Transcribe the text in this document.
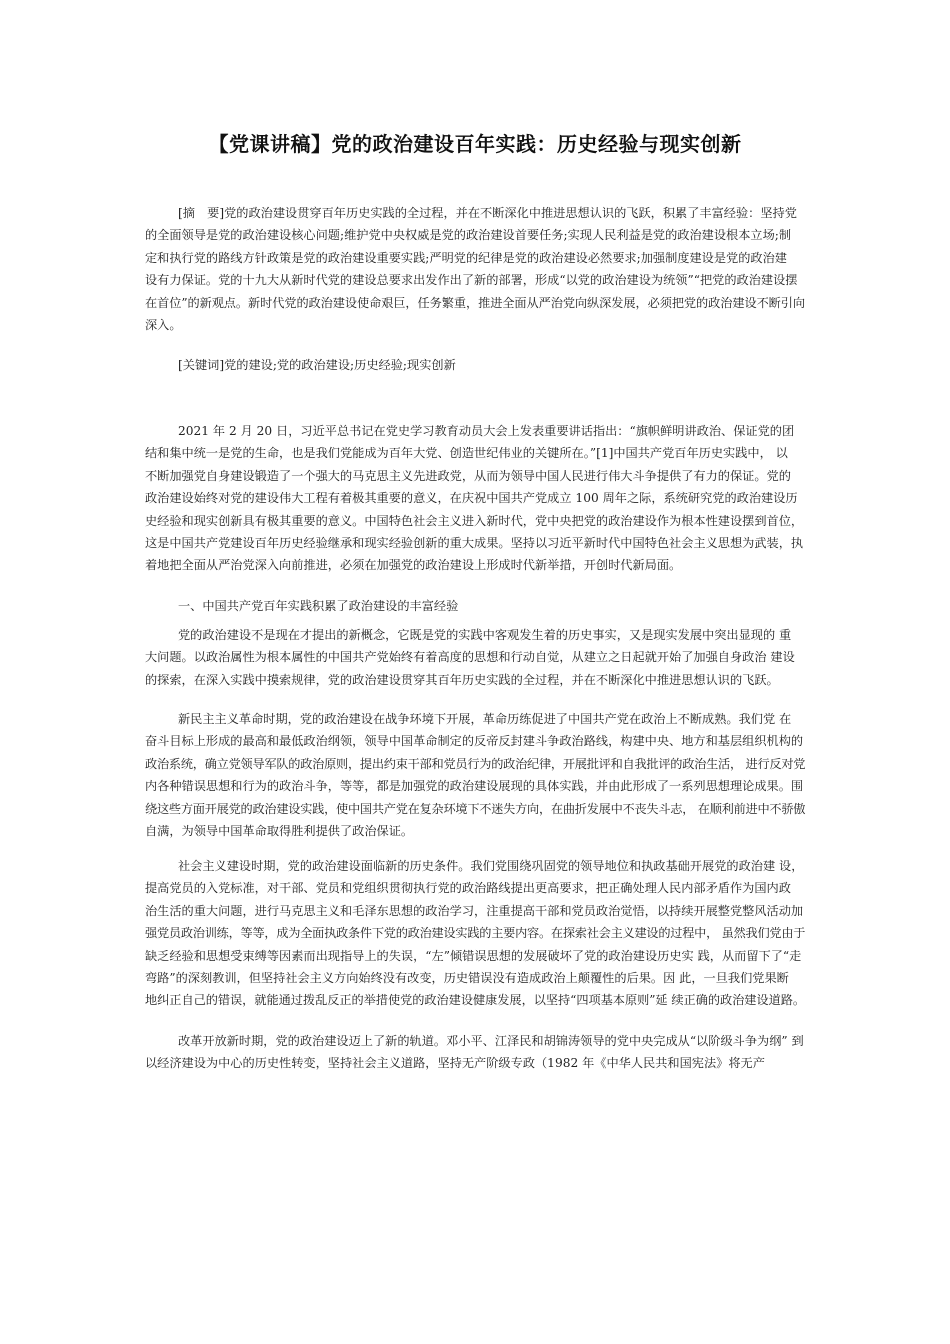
【党课讲稿】党的政治建设百年实践：历史经验与现实创新
[摘　要]党的政治建设贯穿百年历史实践的全过程，并在不断深化中推进思想认识的飞跃，积累了丰富经验：坚持党
的全面领导是党的政治建设核心问题;维护党中央权威是党的政治建设首要任务;实现人民利益是党的政治建设根本立场;制
定和执行党的路线方针政策是党的政治建设重要实践;严明党的纪律是党的政治建设必然要求;加强制度建设是党的政治建
设有力保证。党的十九大从新时代党的建设总要求出发作出了新的部署，形成“以党的政治建设为统领”“把党的政治建设摆
在首位”的新观点。新时代党的政治建设使命艰巨，任务繁重，推进全面从严治党向纵深发展，必须把党的政治建设不断引向
深入。
[关键词]党的建设;党的政治建设;历史经验;现实创新
2021 年 2 月 20 日，习近平总书记在党史学习教育动员大会上发表重要讲话指出：“旗帜鲜明讲政治、保证党的团
结和集中统一是党的生命，也是我们党能成为百年大党、创造世纪伟业的关键所在。”[1]中国共产党百年历史实践中， 以
不断加强党自身建设锻造了一个强大的马克思主义先进政党，从而为领导中国人民进行伟大斗争提供了有力的保证。党的
政治建设始终对党的建设伟大工程有着极其重要的意义，在庆祝中国共产党成立 100 周年之际，系统研究党的政治建设历
史经验和现实创新具有极其重要的意义。中国特色社会主义进入新时代，党中央把党的政治建设作为根本性建设摆到首位，
这是中国共产党建设百年历史经验继承和现实经验创新的重大成果。坚持以习近平新时代中国特色社会主义思想为武装，执
着地把全面从严治党深入向前推进，必须在加强党的政治建设上形成时代新举措，开创时代新局面。
一、中国共产党百年实践积累了政治建设的丰富经验
党的政治建设不是现在才提出的新概念，它既是党的实践中客观发生着的历史事实，又是现实发展中突出显现的 重
大问题。以政治属性为根本属性的中国共产党始终有着高度的思想和行动自觉，从建立之日起就开始了加强自身政治 建设
的探索，在深入实践中摸索规律，党的政治建设贯穿其百年历史实践的全过程，并在不断深化中推进思想认识的飞跃。
新民主主义革命时期，党的政治建设在战争环境下开展，革命历练促进了中国共产党在政治上不断成熟。我们党 在
奋斗目标上形成的最高和最低政治纲领，领导中国革命制定的反帝反封建斗争政治路线，构建中央、地方和基层组织机构的
政治系统，确立党领导军队的政治原则，提出约束干部和党员行为的政治纪律，开展批评和自我批评的政治生活， 进行反对党
内各种错误思想和行为的政治斗争，等等，都是加强党的政治建设展现的具体实践，并由此形成了一系列思想理论成果。围
绕这些方面开展党的政治建设实践，使中国共产党在复杂环境下不迷失方向，在曲折发展中不丧失斗志， 在顺利前进中不骄傲
自满，为领导中国革命取得胜利提供了政治保证。
社会主义建设时期，党的政治建设面临新的历史条件。我们党围绕巩固党的领导地位和执政基础开展党的政治建 设，
提高党员的入党标准，对干部、党员和党组织贯彻执行党的政治路线提出更高要求，把正确处理人民内部矛盾作为国内政
治生活的重大问题，进行马克思主义和毛泽东思想的政治学习，注重提高干部和党员政治觉悟，以持续开展整党整风活动加
强党员政治训练，等等，成为全面执政条件下党的政治建设实践的主要内容。在探索社会主义建设的过程中， 虽然我们党由于
缺乏经验和思想受束缚等因素而出现指导上的失误，“左”倾错误思想的发展破坏了党的政治建设历史实 践，从而留下了“走
弯路”的深刻教训，但坚持社会主义方向始终没有改变，历史错误没有造成政治上颠覆性的后果。因 此，一旦我们党果断
地纠正自己的错误，就能通过拨乱反正的举措使党的政治建设健康发展，以坚持“四项基本原则”延 续正确的政治建设道路。
改革开放新时期，党的政治建设迈上了新的轨道。邓小平、江泽民和胡锦涛领导的党中央完成从“以阶级斗争为纲” 到
以经济建设为中心的历史性转变，坚持社会主义道路，坚持无产阶级专政（1982 年《中华人民共和国宪法》将无产
